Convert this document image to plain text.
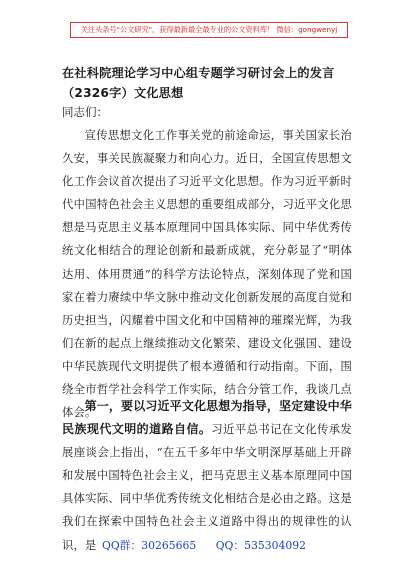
关注头条号"公文研究"，获得最新最全最专业的公文资料库！ 微信：gongwenyj
在社科院理论学习中心组专题学习研讨会上的发言（2326字）文化思想
同志们：

宣传思想文化工作事关党的前途命运，事关国家长治久安，事关民族凝聚力和向心力。近日，全国宣传思想文化工作会议首次提出了习近平文化思想。作为习近平新时代中国特色社会主义思想的重要组成部分，习近平文化思想是马克思主义基本原理同中国具体实际、同中华优秀传统文化相结合的理论创新和最新成就，充分彰显了“明体达用、体用贯通”的科学方法论特点，深刻体现了党和国家在着力赓续中华文脉中推动文化创新发展的高度自觉和历史担当，闪耀着中国文化和中国精神的璀璨光辉，为我们在新的起点上继续推动文化繁荣、建设文化强国、建设中华民族现代文明提供了根本遵循和行动指南。下面，围绕全市哲学社会科学工作实际，结合分管工作，我谈几点体会。

第一，要以习近平文化思想为指导，坚定建设中华民族现代文明的道路自信。习近平总书记在文化传承发展座谈会上指出，“在五千多年中华文明深厚基础上开辟和发展中国特色社会主义，把马克思主义基本原理同中国具体实际、同中华优秀传统文化相结合是必由之路。这是我们在探索中国特色社会主义道路中得出的规律性的认识，是 QQ群：30265665 QQ：535304092
